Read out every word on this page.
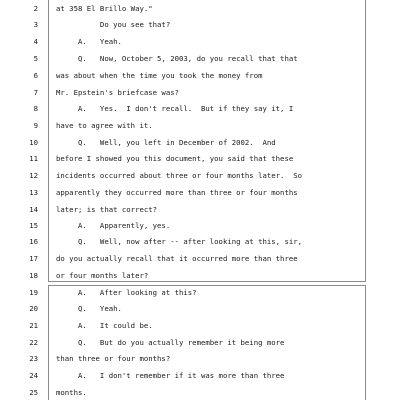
2 at 358 El Brillo Way."
3 Do you see that?
4 A.   Yeah.
5 Q.   Now, October 5, 2003, do you recall that that
6 was about when the time you took the money from
7 Mr. Epstein's briefcase was?
8 A.   Yes.  I don't recall.  But if they say it, I
9 have to agree with it.
10 Q.   Well, you left in December of 2002.  And
11 before I showed you this document, you said that these
12 incidents occurred about three or four months later.  So
13 apparently they occurred more than three or four months
14 later; is that correct?
15 A.   Apparently, yes.
16 Q.   Well, now after -- after looking at this, sir,
17 do you actually recall that it occurred more than three
18 or four months later?
19 A.   After looking at this?
20 Q.   Yeah.
21 A.   It could be.
22 Q.   But do you actually remember it being more
23 than three or four months?
24 A.   I don't remember if it was more than three
25 months.
